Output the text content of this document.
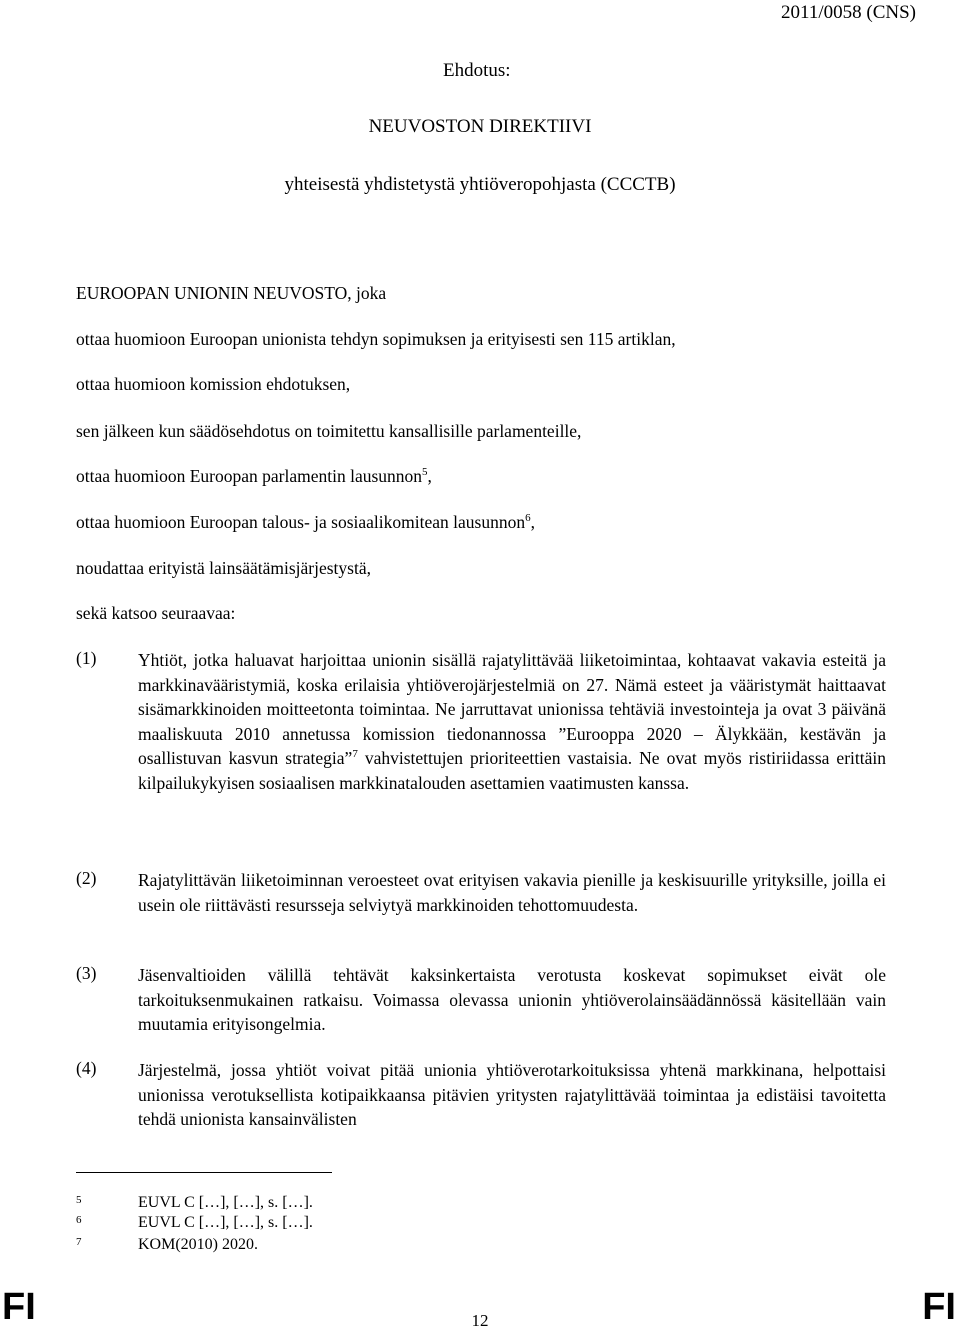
2011/0058 (CNS)
Ehdotus:
NEUVOSTON DIREKTIIVI
yhteisestä yhdistetystä yhtiöveropohjasta (CCCTB)
EUROOPAN UNIONIN NEUVOSTO, joka
ottaa huomioon Euroopan unionista tehdyn sopimuksen ja erityisesti sen 115 artiklan,
ottaa huomioon komission ehdotuksen,
sen jälkeen kun säädösehdotus on toimitettu kansallisille parlamenteille,
ottaa huomioon Euroopan parlamentin lausunnon$^5$,
ottaa huomioon Euroopan talous- ja sosiaalikomitean lausunnon$^6$,
noudattaa erityistä lainsäätämisjärjestystä,
sekä katsoo seuraavaa:
(1) Yhtiöt, jotka haluavat harjoittaa unionin sisällä rajatylittävää liiketoimintaa, kohtaavat vakavia esteitä ja markkinavääristymiä, koska erilaisia yhtiöverojärjestelmiä on 27. Nämä esteet ja vääristymät haittaavat sisämarkkinoiden moitteetonta toimintaa. Ne jarruttavat unionissa tehtäviä investointeja ja ovat 3 päivänä maaliskuuta 2010 annetussa komission tiedonannossa ”Eurooppa 2020 – Älykkään, kestävän ja osallistuvan kasvun strategia”$^7$ vahvistettujen prioriteettien vastaisia. Ne ovat myös ristiriidassa erittäin kilpailukykyisen sosiaalisen markkinatalouden asettamien vaatimusten kanssa.
(2) Rajatylittävän liiketoiminnan veroesteet ovat erityisen vakavia pienille ja keskisuurille yrityksille, joilla ei usein ole riittävästi resursseja selviytyä markkinoiden tehottomuudesta.
(3) Jäsenvaltioiden välillä tehtävät kaksinkertaista verotusta koskevat sopimukset eivät ole tarkoituksenmukainen ratkaisu. Voimassa olevassa unionin yhtiöverolainsäädännössä käsitellään vain muutamia erityisongelmia.
(4) Järjestelmä, jossa yhtiöt voivat pitää unionia yhtiöverotarkoituksissa yhtenä markkinana, helpottaisi unionissa verotuksellista kotipaikkaansa pitävien yritysten rajatylittävää toimintaa ja edistäisi tavoitetta tehdä unionista kansainvälisten
5	EUVL C […], […], s. […].
6	EUVL C […], […], s. […].
7	KOM(2010) 2020.
FI	12	FI
